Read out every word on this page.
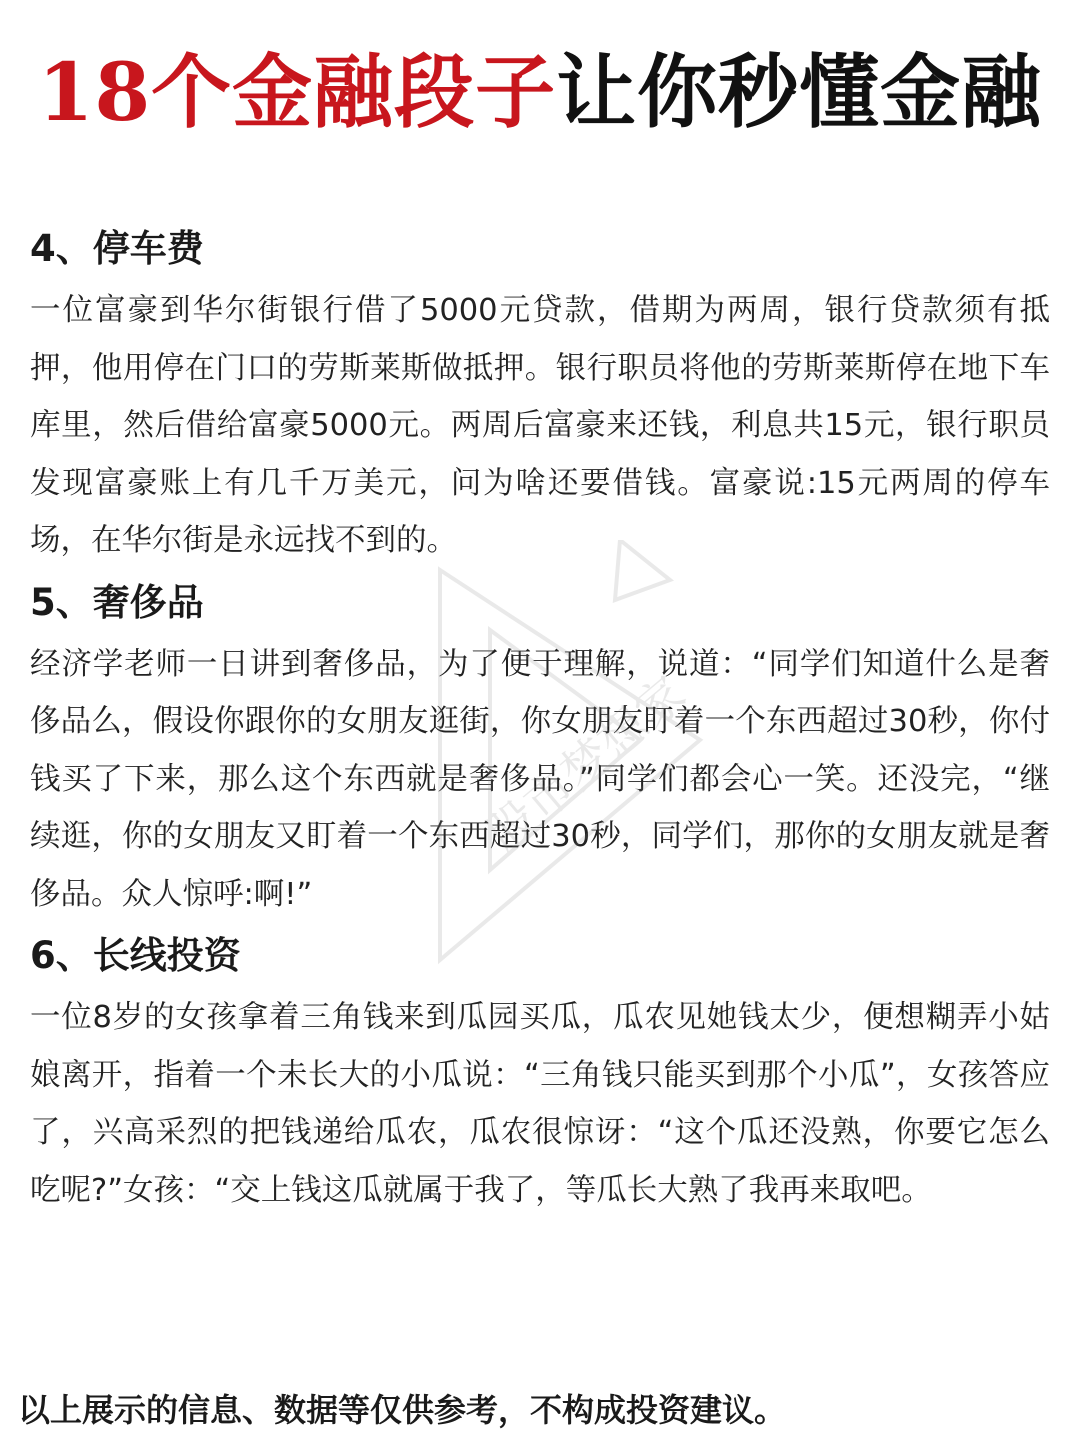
18个金融段子让你秒懂金融
4、停车费

一位富豪到华尔街银行借了5000元贷款，借期为两周，银行贷款须有抵押，他用停在门口的劳斯莱斯做抵押。银行职员将他的劳斯莱斯停在地下车库里，然后借给富豪5000元。两周后富豪来还钱，利息共15元，银行职员发现富豪账上有几千万美元，问为啥还要借钱。富豪说:15元两周的停车场，在华尔街是永远找不到的。

5、奢侈品

经济学老师一日讲到奢侈品，为了便于理解，说道：“同学们知道什么是奢侈品么，假设你跟你的女朋友逛街，你女朋友盯着一个东西超过30秒，你付钱买了下来，那么这个东西就是奢侈品。”同学们都会心一笑。还没完，“继续逛，你的女朋友又盯着一个东西超过30秒，同学们，那你的女朋友就是奢侈品。众人惊呼:啊!”

6、长线投资

一位8岁的女孩拿着三角钱来到瓜园买瓜，瓜农见她钱太少，便想糊弄小姑娘离开，指着一个未长大的小瓜说：“三角钱只能买到那个小瓜”，女孩答应了，兴高采烈的把钱递给瓜农，瓜农很惊讶：“这个瓜还没熟，你要它怎么吃呢?”女孩：“交上钱这瓜就属于我了，等瓜长大熟了我再来取吧。

股市梦想家
以上展示的信息、数据等仅供参考，不构成投资建议。
